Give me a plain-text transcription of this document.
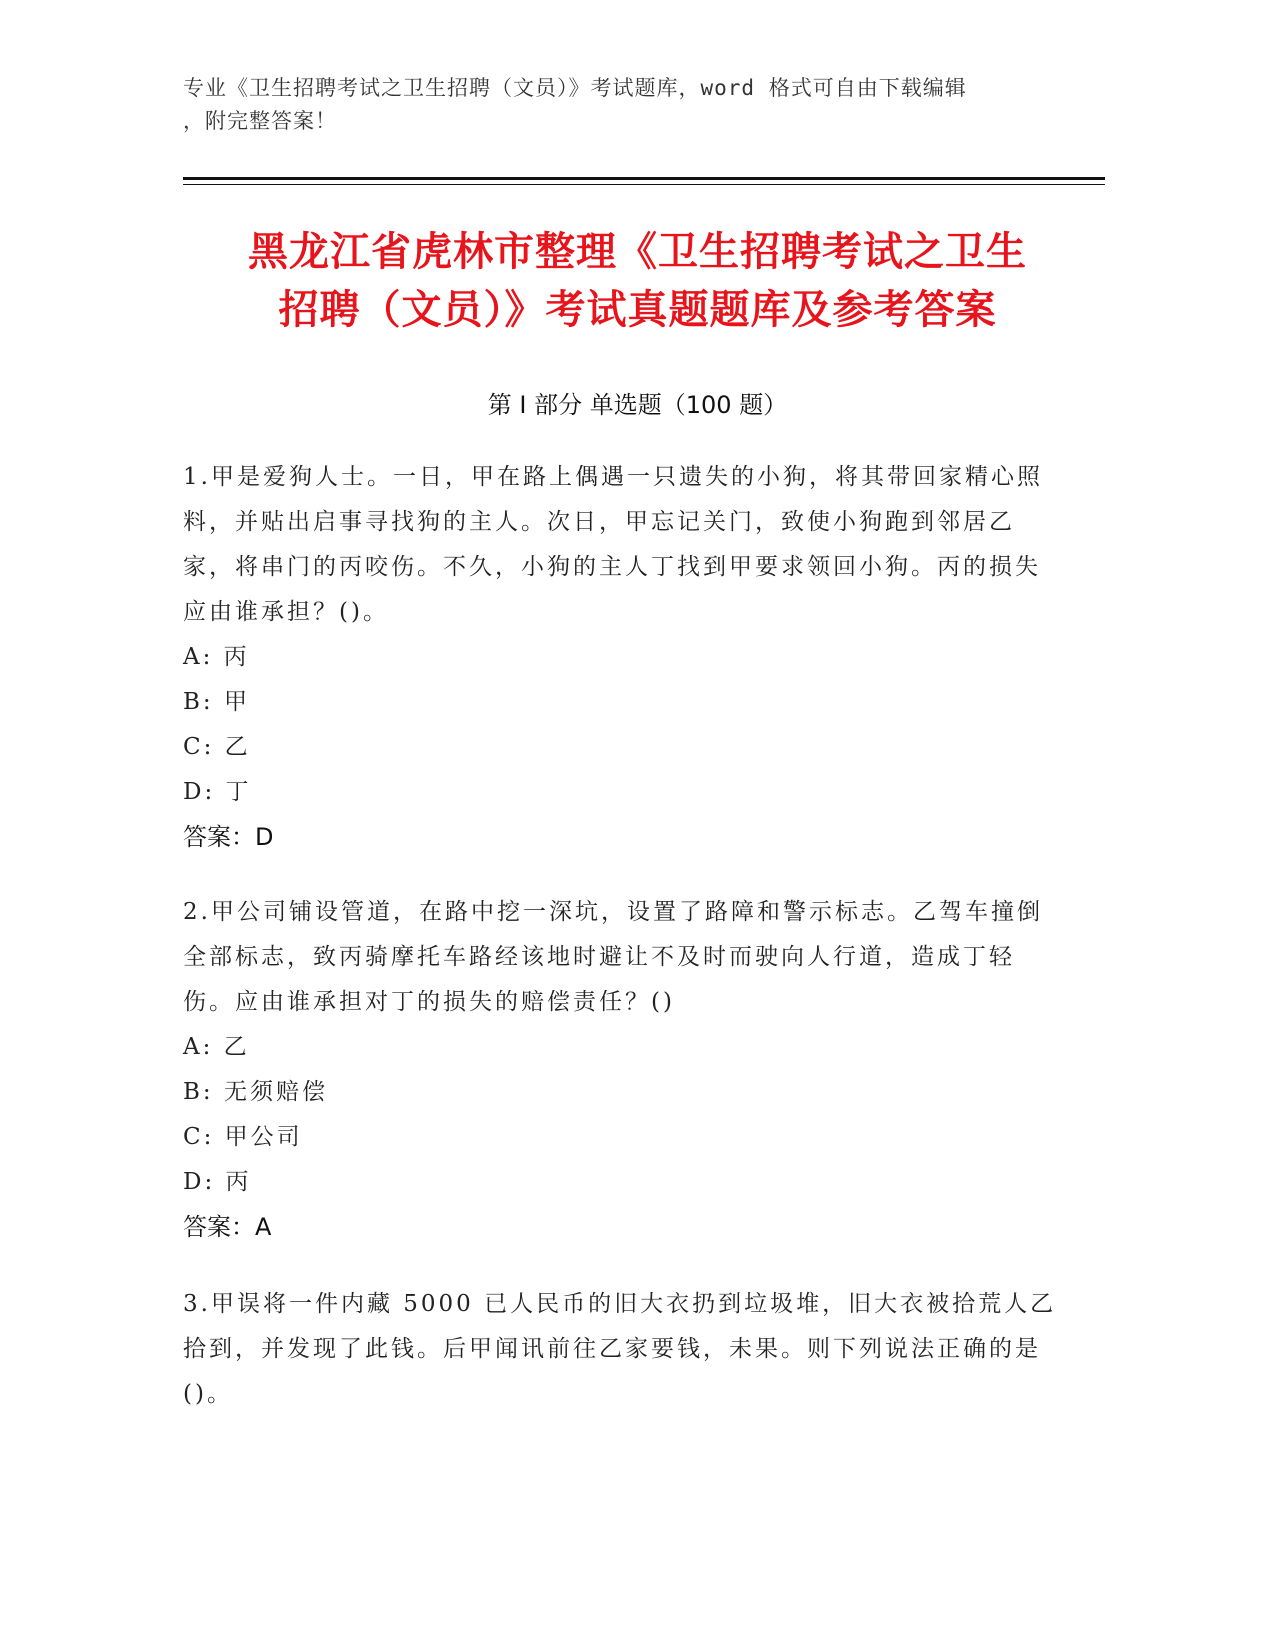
专业《卫生招聘考试之卫生招聘（文员）》考试题库，word 格式可自由下载编辑
，附完整答案！
黑龙江省虎林市整理《卫生招聘考试之卫生
招聘（文员）》考试真题题库及参考答案
第 I 部分 单选题（100 题）
1.甲是爱狗人士。一日，甲在路上偶遇一只遗失的小狗，将其带回家精心照料，并贴出启事寻找狗的主人。次日，甲忘记关门，致使小狗跑到邻居乙家，将串门的丙咬伤。不久，小狗的主人丁找到甲要求领回小狗。丙的损失应由谁承担？()。
A: 丙
B: 甲
C: 乙
D: 丁
答案：D
2.甲公司铺设管道，在路中挖一深坑，设置了路障和警示标志。乙驾车撞倒全部标志，致丙骑摩托车路经该地时避让不及时而驶向人行道，造成丁轻伤。应由谁承担对丁的损失的赔偿责任？()
A: 乙
B: 无须赔偿
C: 甲公司
D: 丙
答案：A
3.甲误将一件内藏 5000 已人民币的旧大衣扔到垃圾堆，旧大衣被拾荒人乙拾到，并发现了此钱。后甲闻讯前往乙家要钱，未果。则下列说法正确的是()。
